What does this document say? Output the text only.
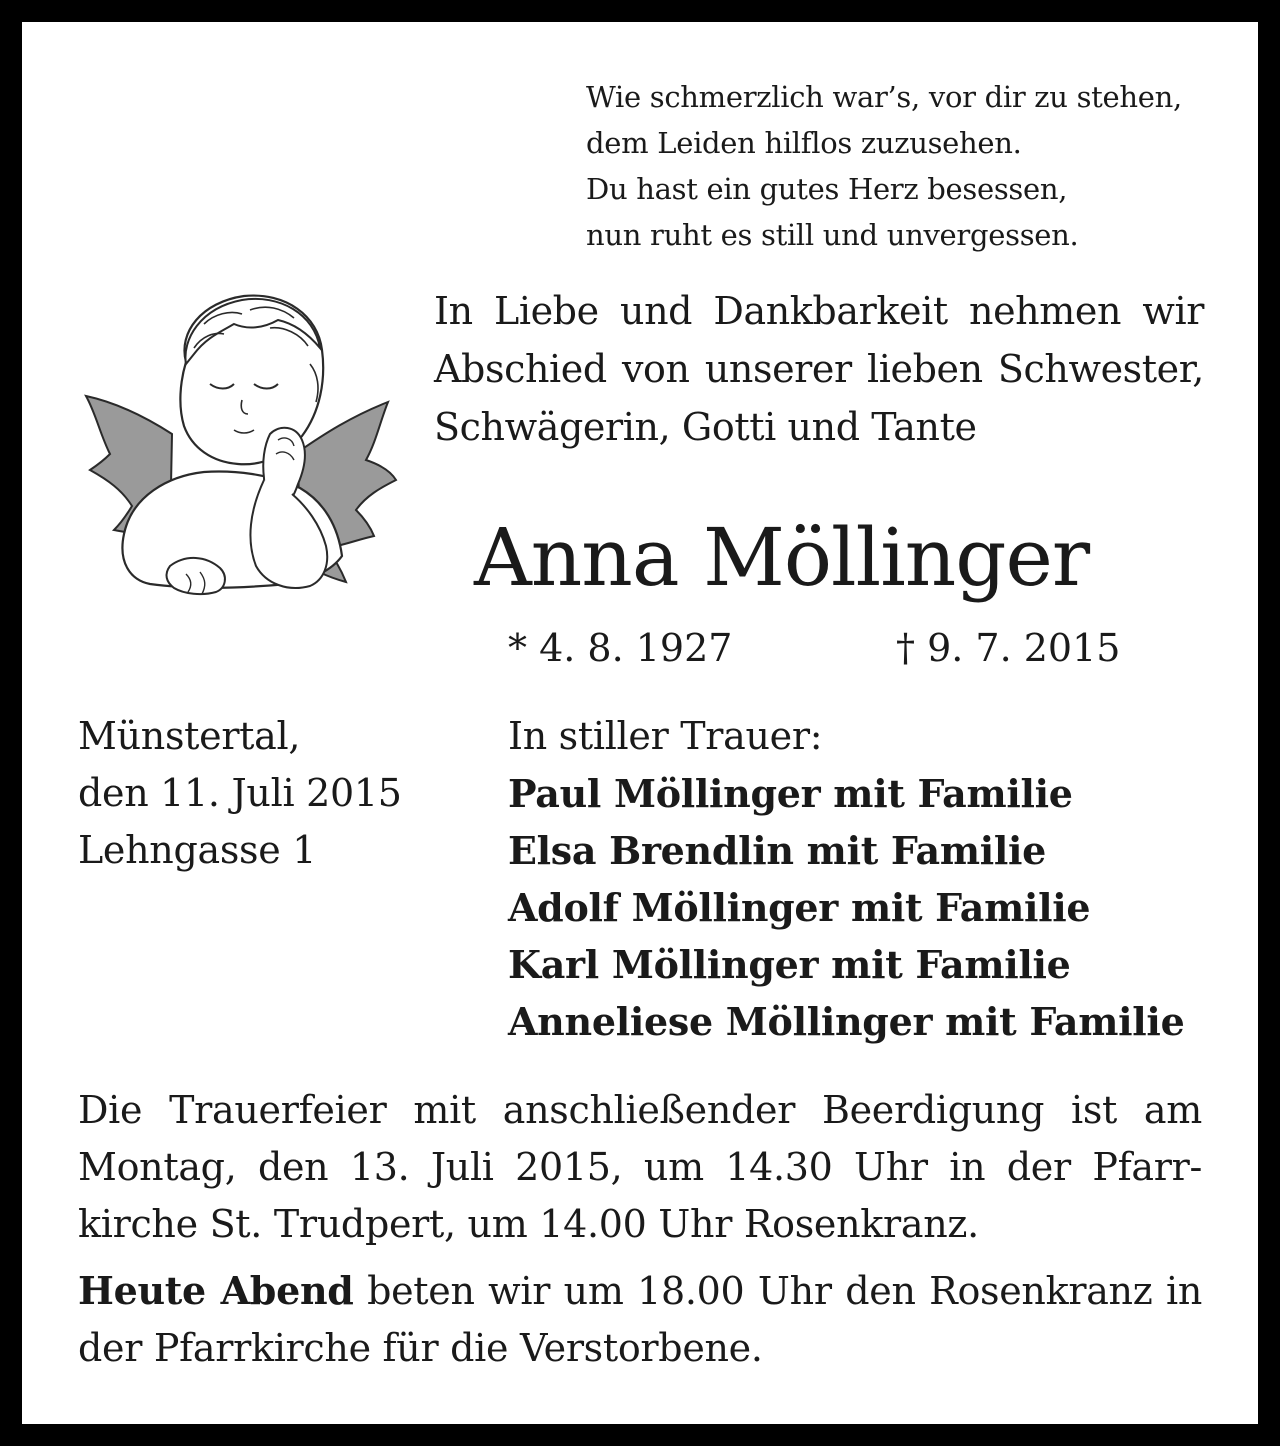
Wie schmerzlich war’s, vor dir zu stehen,
dem Leiden hilflos zuzusehen.
Du hast ein gutes Herz besessen,
nun ruht es still und unvergessen.
In Liebe und Dankbarkeit nehmen wir
Abschied von unserer lieben Schwester,
Schwägerin, Gotti und Tante
Anna Möllinger
* 4. 8. 1927	† 9. 7. 2015
Münstertal,
den 11. Juli 2015
Lehngasse 1
In stiller Trauer:
Paul Möllinger mit Familie
Elsa Brendlin mit Familie
Adolf Möllinger mit Familie
Karl Möllinger mit Familie
Anneliese Möllinger mit Familie
Die Trauerfeier mit anschließender Beerdigung ist am
Montag, den 13. Juli 2015, um 14.30 Uhr in der Pfarr-
kirche St. Trudpert, um 14.00 Uhr Rosenkranz.
Heute Abend beten wir um 18.00 Uhr den Rosenkranz in
der Pfarrkirche für die Verstorbene.
